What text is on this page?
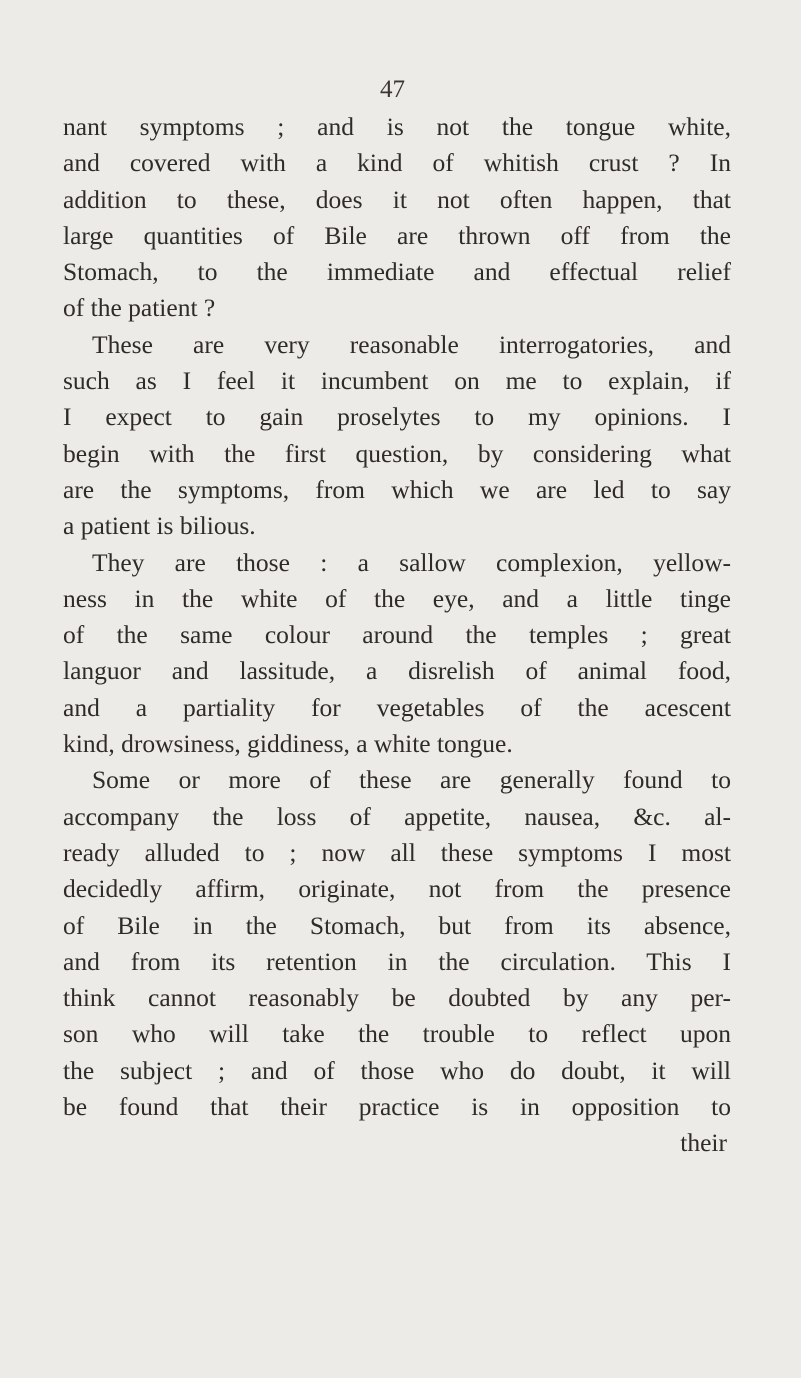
47
nant symptoms ; and is not the tongue white,
and covered with a kind of whitish crust ? In
addition to these, does it not often happen, that
large quantities of Bile are thrown off from the
Stomach, to the immediate and effectual relief
of the patient ?
These are very reasonable interrogatories, and
such as I feel it incumbent on me to explain, if
I expect to gain proselytes to my opinions. I
begin with the first question, by considering what
are the symptoms, from which we are led to say
a patient is bilious.
They are those : a sallow complexion, yellow-
ness in the white of the eye, and a little tinge
of the same colour around the temples ; great
languor and lassitude, a disrelish of animal food,
and a partiality for vegetables of the acescent
kind, drowsiness, giddiness, a white tongue.
Some or more of these are generally found to
accompany the loss of appetite, nausea, &c. al-
ready alluded to ; now all these symptoms I most
decidedly affirm, originate, not from the presence
of Bile in the Stomach, but from its absence,
and from its retention in the circulation. This I
think cannot reasonably be doubted by any per-
son who will take the trouble to reflect upon
the subject ; and of those who do doubt, it will
be found that their practice is in opposition to
their
